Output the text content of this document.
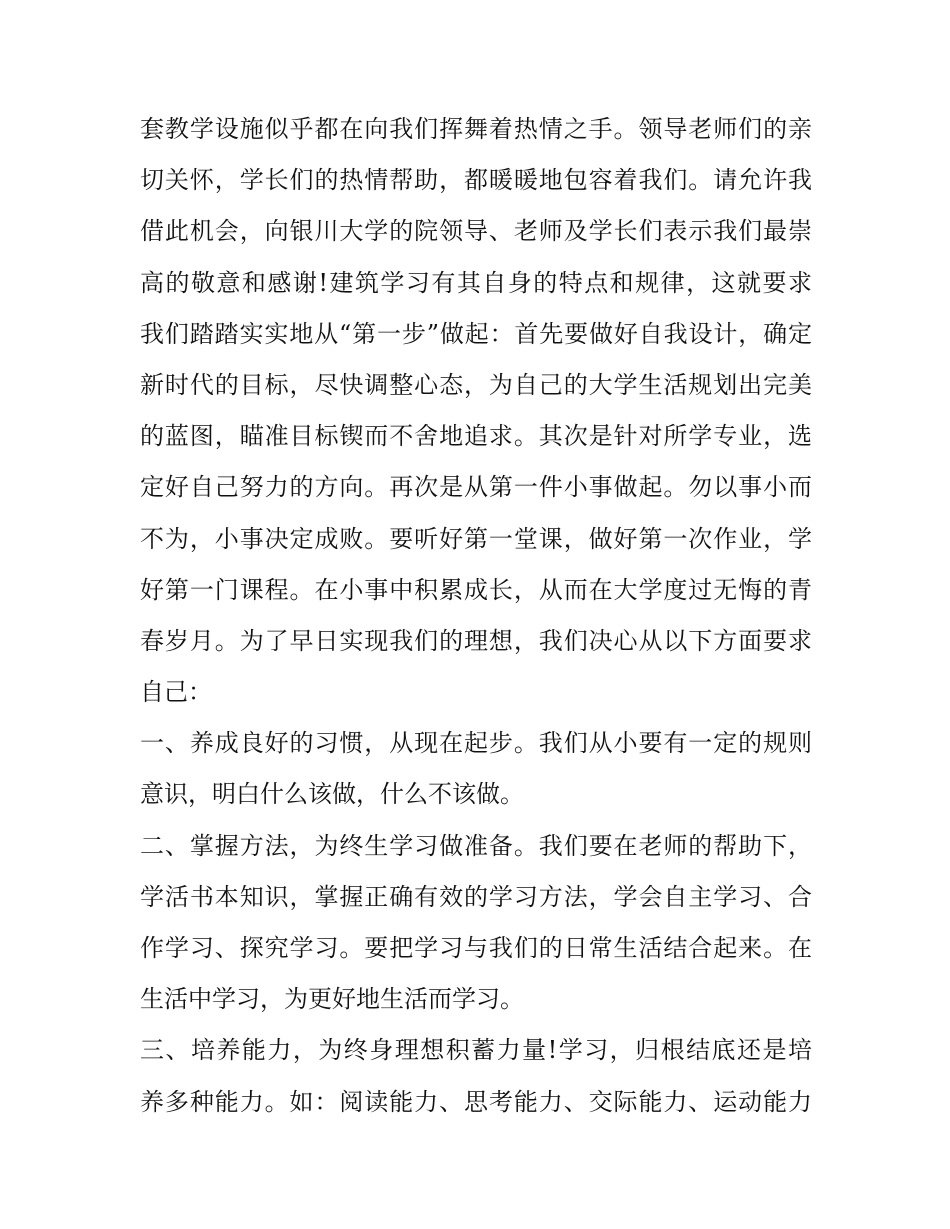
套教学设施似乎都在向我们挥舞着热情之手。领导老师们的亲
切关怀，学长们的热情帮助，都暖暖地包容着我们。请允许我
借此机会，向银川大学的院领导、老师及学长们表示我们最崇
高的敬意和感谢!建筑学习有其自身的特点和规律，这就要求
我们踏踏实实地从“第一步”做起：首先要做好自我设计，确定
新时代的目标，尽快调整心态，为自己的大学生活规划出完美
的蓝图，瞄准目标锲而不舍地追求。其次是针对所学专业，选
定好自己努力的方向。再次是从第一件小事做起。勿以事小而
不为，小事决定成败。要听好第一堂课，做好第一次作业，学
好第一门课程。在小事中积累成长，从而在大学度过无悔的青
春岁月。为了早日实现我们的理想，我们决心从以下方面要求
自己：
一、养成良好的习惯，从现在起步。我们从小要有一定的规则
意识，明白什么该做，什么不该做。
二、掌握方法，为终生学习做准备。我们要在老师的帮助下，
学活书本知识，掌握正确有效的学习方法，学会自主学习、合
作学习、探究学习。要把学习与我们的日常生活结合起来。在
生活中学习，为更好地生活而学习。
三、培养能力，为终身理想积蓄力量!学习，归根结底还是培
养多种能力。如：阅读能力、思考能力、交际能力、运动能力
